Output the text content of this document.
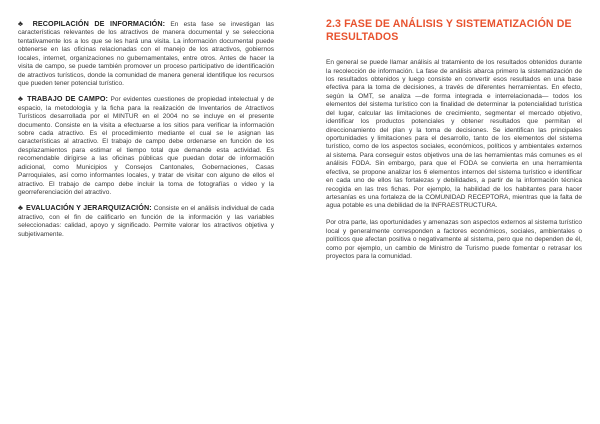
♣ RECOPILACIÓN DE INFORMACIÓN: En esta fase se investigan las características relevantes de los atractivos de manera documental y se selecciona tentativamente los a los que se les hará una visita. La información documental puede obtenerse en las oficinas relacionadas con el manejo de los atractivos, gobiernos locales, internet, organizaciones no gubernamentales, entre otros. Antes de hacer la visita de campo, se puede también promover un proceso participativo de identificación de atractivos turísticos, donde la comunidad de manera general identifique los recursos que pueden tener potencial turístico.

♣ TRABAJO DE CAMPO: Por evidentes cuestiones de propiedad intelectual y de espacio, la metodología y la ficha para la realización de Inventarios de Atractivos Turísticos desarrollada por el MINTUR en el 2004 no se incluye en el presente documento. Consiste en la visita a efectuarse a los sitios para verificar la información sobre cada atractivo. Es el procedimiento mediante el cual se le asignan las características al atractivo. El trabajo de campo debe ordenarse en función de los desplazamientos para estimar el tiempo total que demande esta actividad. Es recomendable dirigirse a las oficinas públicas que puedan dotar de información adicional, como Municipios y Consejos Cantonales, Gobernaciones, Casas Parroquiales, así como informantes locales, y tratar de visitar con alguno de ellos el atractivo. El trabajo de campo debe incluir la toma de fotografías o video y la georreferenciación del atractivo.

♣ EVALUACIÓN Y JERARQUIZACIÓN: Consiste en el análisis individual de cada atractivo, con el fin de calificarlo en función de la información y las variables seleccionadas: calidad, apoyo y significado. Permite valorar los atractivos objetiva y subjetivamente.

2.3 FASE DE ANÁLISIS Y SISTEMATIZACIÓN DE RESULTADOS

En general se puede llamar análisis al tratamiento de los resultados obtenidos durante la recolección de información. La fase de análisis abarca primero la sistematización de los resultados obtenidos y luego consiste en convertir esos resultados en una base efectiva para la toma de decisiones, a través de diferentes herramientas. En efecto, según la OMT, se analiza —de forma integrada e interrelacionada— todos los elementos del sistema turístico con la finalidad de determinar la potencialidad turística del lugar, calcular las limitaciones de crecimiento, segmentar el mercado objetivo, identificar los productos potenciales y obtener resultados que permitan el direccionamiento del plan y la toma de decisiones. Se identifican las principales oportunidades y limitaciones para el desarrollo, tanto de los elementos del sistema turístico, como de los aspectos sociales, económicos, políticos y ambientales externos al sistema. Para conseguir estos objetivos una de las herramientas más comunes es el análisis FODA. Sin embargo, para que el FODA se convierta en una herramienta efectiva, se propone analizar los 6 elementos internos del sistema turístico e identificar en cada uno de ellos las fortalezas y debilidades, a partir de la información técnica recogida en las tres fichas. Por ejemplo, la habilidad de los habitantes para hacer artesanías es una fortaleza de la COMUNIDAD RECEPTORA, mientras que la falta de agua potable es una debilidad de la INFRAESTRUCTURA.

Por otra parte, las oportunidades y amenazas son aspectos externos al sistema turístico local y generalmente corresponden a factores económicos, sociales, ambientales o políticos que afectan positiva o negativamente al sistema, pero que no dependen de él, como por ejemplo, un cambio de Ministro de Turismo puede fomentar o retrasar los proyectos para la comunidad.
